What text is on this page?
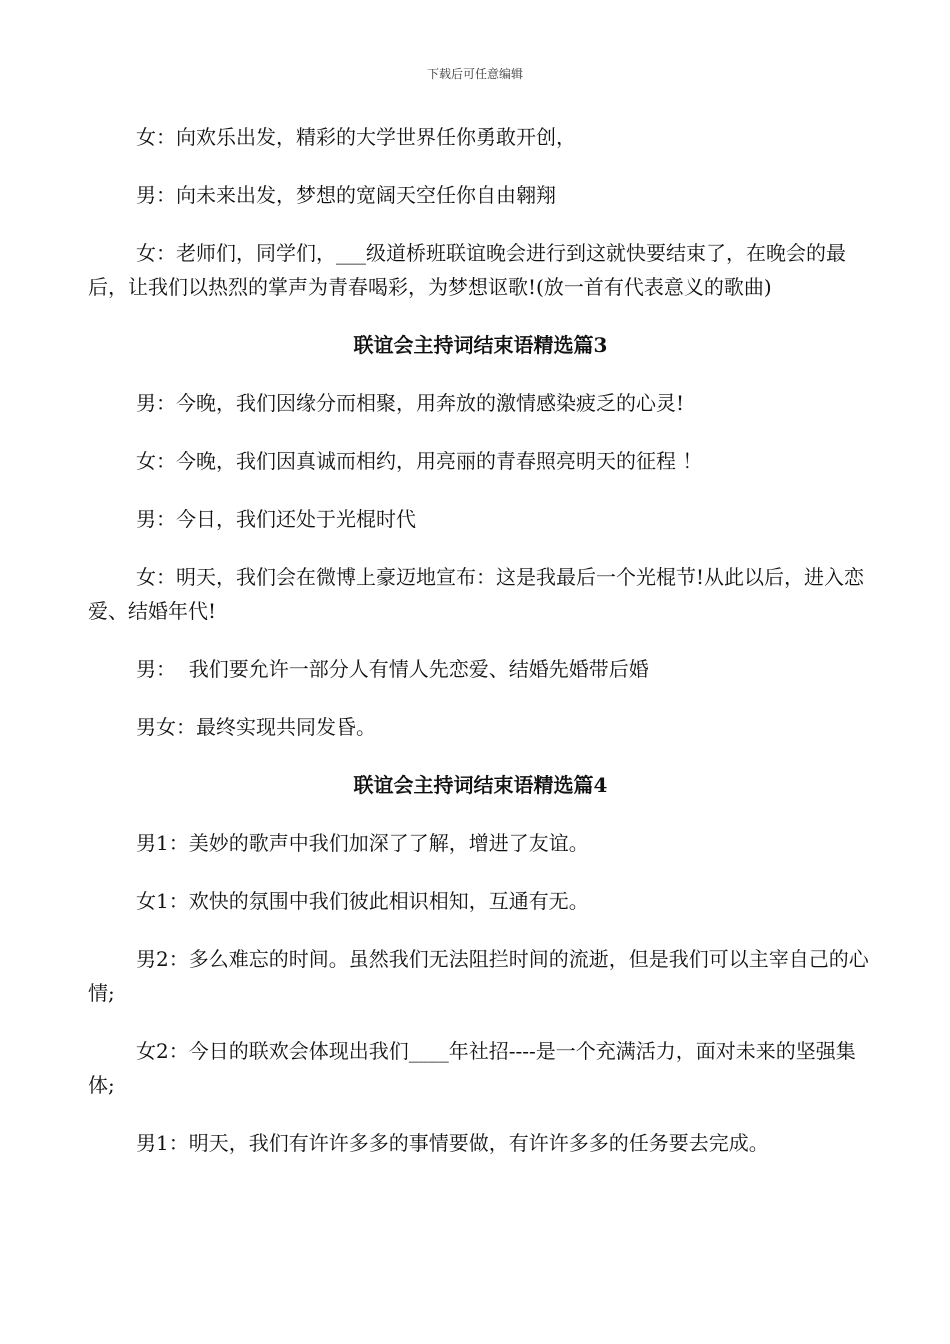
下载后可任意编辑

女：向欢乐出发，精彩的大学世界任你勇敢开创，

男：向未来出发，梦想的宽阔天空任你自由翱翔

女：老师们，同学们，___级道桥班联谊晚会进行到这就快要结束了，在晚会的最后，让我们以热烈的掌声为青春喝彩，为梦想讴歌!(放一首有代表意义的歌曲)

联谊会主持词结束语精选篇3

男：今晚，我们因缘分而相聚，用奔放的激情感染疲乏的心灵!

女：今晚，我们因真诚而相约，用亮丽的青春照亮明天的征程 ！

男：今日，我们还处于光棍时代

女：明天，我们会在微博上豪迈地宣布：这是我最后一个光棍节!从此以后，进入恋爱、结婚年代!

男：  我们要允许一部分人有情人先恋爱、结婚先婚带后婚

男女：最终实现共同发昏。

联谊会主持词结束语精选篇4

男1：美妙的歌声中我们加深了了解，增进了友谊。

女1：欢快的氛围中我们彼此相识相知，互通有无。

男2：多么难忘的时间。虽然我们无法阻拦时间的流逝，但是我们可以主宰自己的心情;

女2：今日的联欢会体现出我们____年社招----是一个充满活力，面对未来的坚强集体;

男1：明天，我们有许许多多的事情要做，有许许多多的任务要去完成。
